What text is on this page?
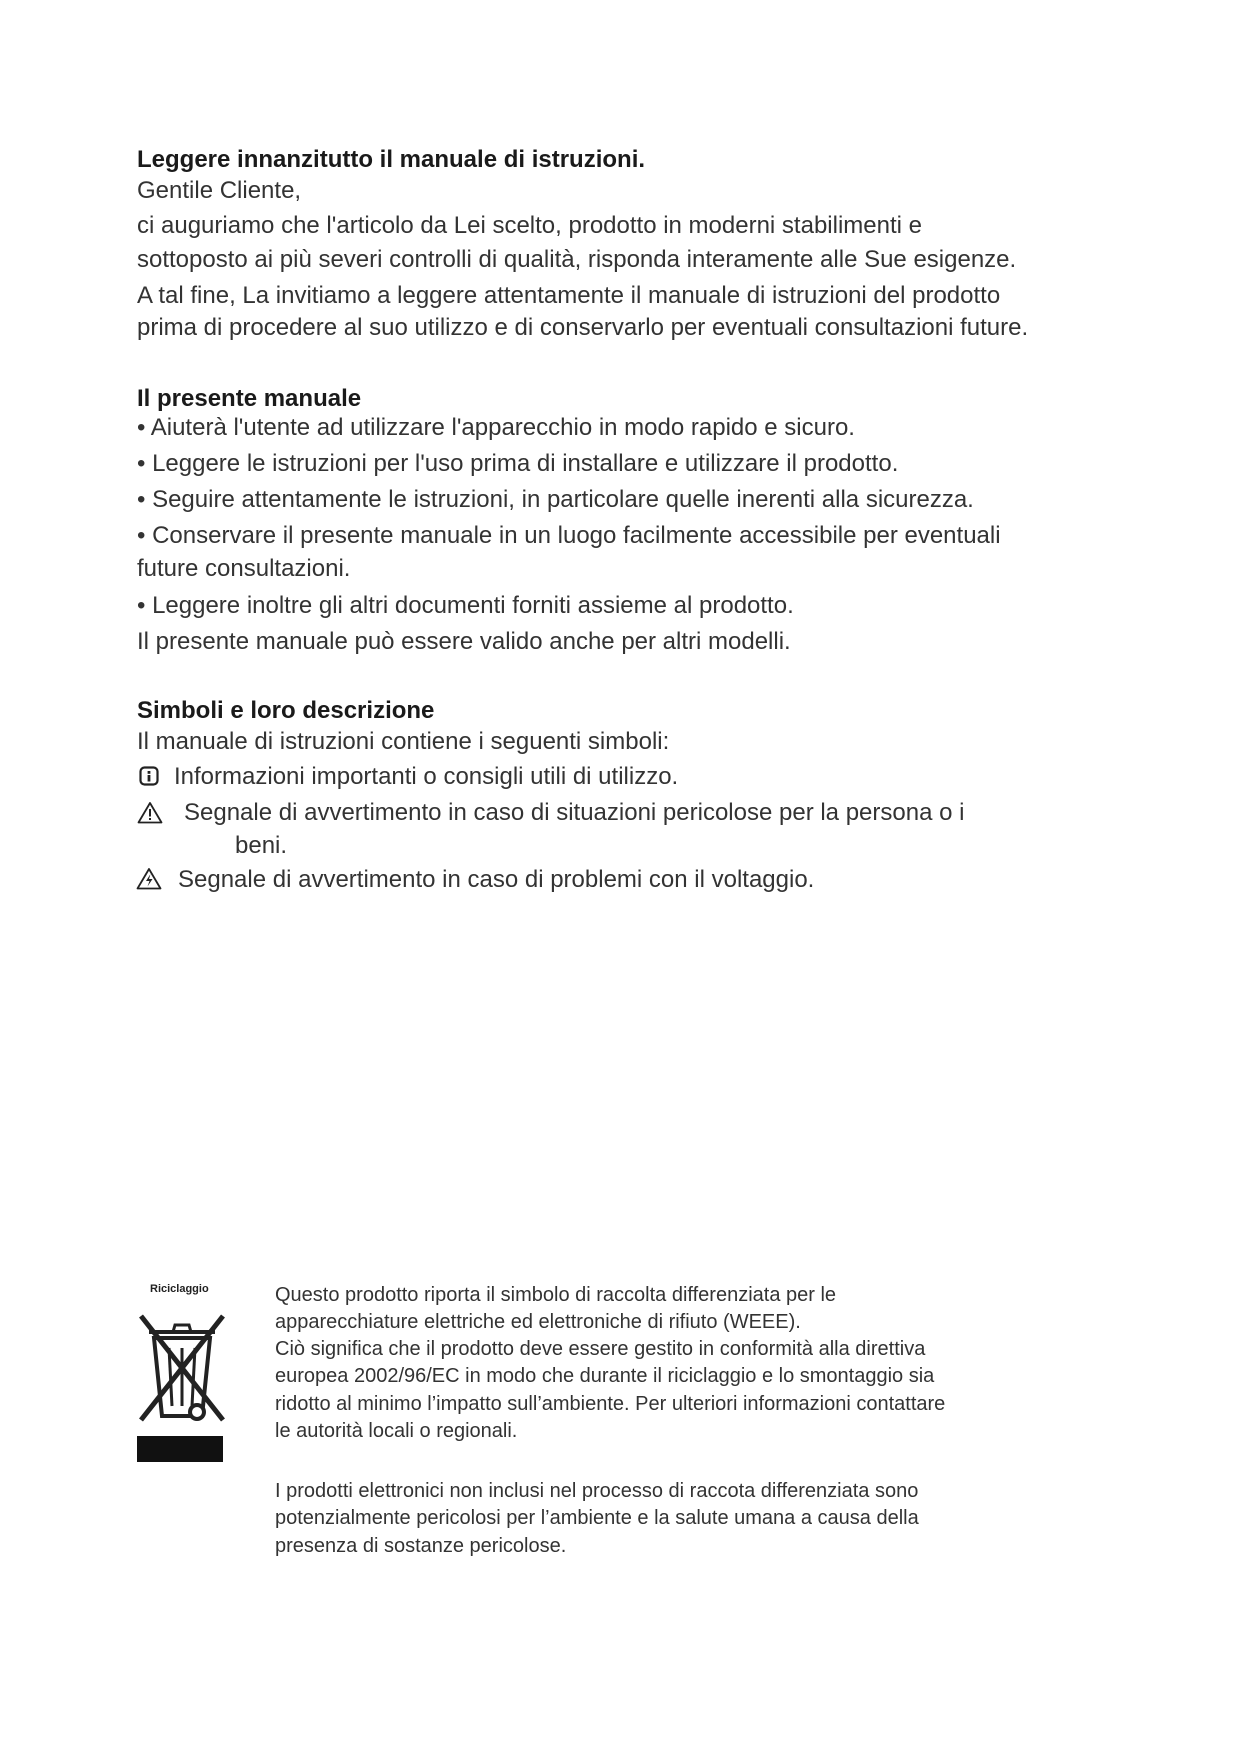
Leggere innanzitutto il manuale di istruzioni.
Gentile Cliente,
ci auguriamo che l'articolo da Lei scelto, prodotto in moderni stabilimenti e
sottoposto ai più severi controlli di qualità, risponda interamente alle Sue esigenze.
A tal fine, La invitiamo a leggere attentamente il manuale di istruzioni del prodotto
prima di procedere al suo utilizzo e di conservarlo per eventuali consultazioni future.
Il presente manuale
• Aiuterà l'utente ad utilizzare l'apparecchio in modo rapido e sicuro.
• Leggere le istruzioni per l'uso prima di installare e utilizzare il prodotto.
• Seguire attentamente le istruzioni, in particolare quelle inerenti alla sicurezza.
• Conservare il presente manuale in un luogo facilmente accessibile per eventuali
future consultazioni.
• Leggere inoltre gli altri documenti forniti assieme al prodotto.
Il presente manuale può essere valido anche per altri modelli.
Simboli e loro descrizione
Il manuale di istruzioni contiene i seguenti simboli:
Informazioni importanti o consigli utili di utilizzo.
Segnale di avvertimento in caso di situazioni pericolose per la persona o i
beni.
Segnale di avvertimento in caso di problemi con il voltaggio.
Riciclaggio	Questo prodotto riporta il simbolo di raccolta differenziata per le
apparecchiature elettriche ed elettroniche di rifiuto (WEEE).
Ciò significa che il prodotto deve essere gestito in conformità alla direttiva
europea 2002/96/EC in modo che durante il riciclaggio e lo smontaggio sia
ridotto al minimo l’impatto sull’ambiente. Per ulteriori informazioni contattare
le autorità locali o regionali.
I prodotti elettronici non inclusi nel processo di raccota differenziata sono
potenzialmente pericolosi per l’ambiente e la salute umana a causa della
presenza di sostanze pericolose.
